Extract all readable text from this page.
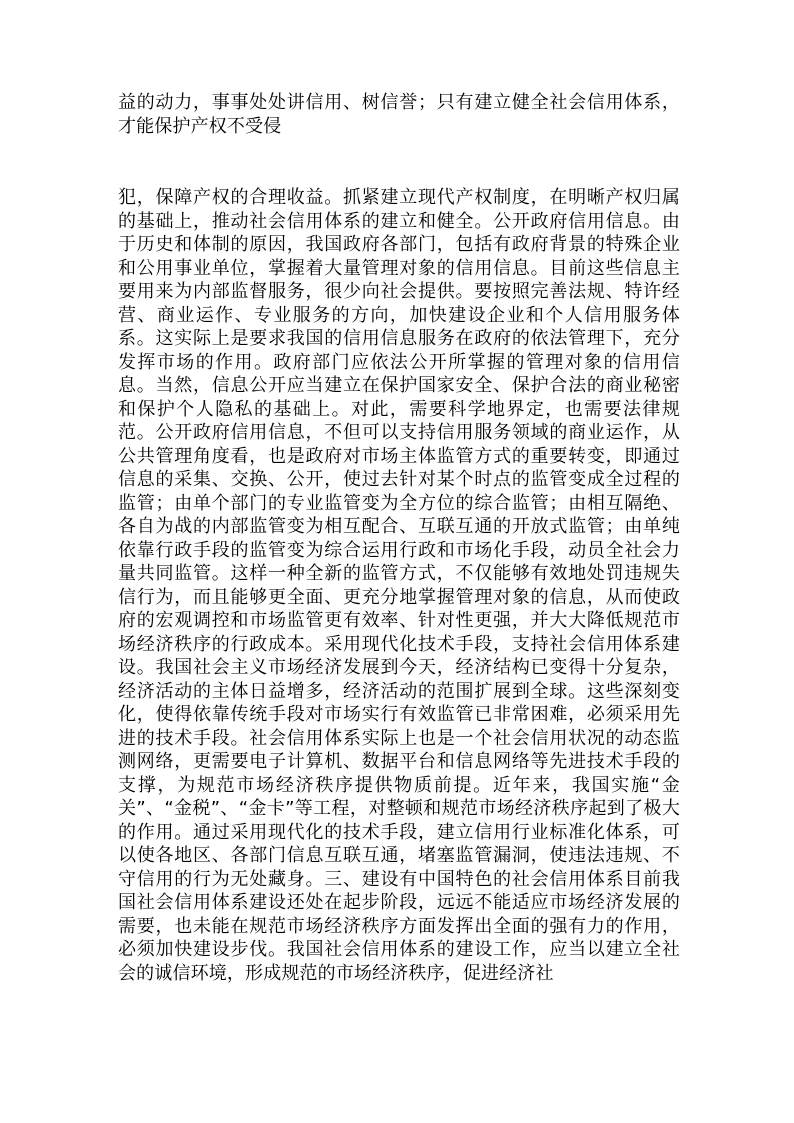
益的动力，事事处处讲信用、树信誉；只有建立健全社会信用体系，才能保护产权不受侵

犯，保障产权的合理收益。抓紧建立现代产权制度，在明晰产权归属的基础上，推动社会信用体系的建立和健全。公开政府信用信息。由于历史和体制的原因，我国政府各部门，包括有政府背景的特殊企业和公用事业单位，掌握着大量管理对象的信用信息。目前这些信息主要用来为内部监督服务，很少向社会提供。要按照完善法规、特许经营、商业运作、专业服务的方向，加快建设企业和个人信用服务体系。这实际上是要求我国的信用信息服务在政府的依法管理下，充分发挥市场的作用。政府部门应依法公开所掌握的管理对象的信用信息。当然，信息公开应当建立在保护国家安全、保护合法的商业秘密和保护个人隐私的基础上。对此，需要科学地界定，也需要法律规范。公开政府信用信息，不但可以支持信用服务领域的商业运作，从公共管理角度看，也是政府对市场主体监管方式的重要转变，即通过信息的采集、交换、公开，使过去针对某个时点的监管变成全过程的监管；由单个部门的专业监管变为全方位的综合监管；由相互隔绝、各自为战的内部监管变为相互配合、互联互通的开放式监管；由单纯依靠行政手段的监管变为综合运用行政和市场化手段，动员全社会力量共同监管。这样一种全新的监管方式，不仅能够有效地处罚违规失信行为，而且能够更全面、更充分地掌握管理对象的信息，从而使政府的宏观调控和市场监管更有效率、针对性更强，并大大降低规范市场经济秩序的行政成本。采用现代化技术手段，支持社会信用体系建设。我国社会主义市场经济发展到今天，经济结构已变得十分复杂，经济活动的主体日益增多，经济活动的范围扩展到全球。这些深刻变化，使得依靠传统手段对市场实行有效监管已非常困难，必须采用先进的技术手段。社会信用体系实际上也是一个社会信用状况的动态监测网络，更需要电子计算机、数据平台和信息网络等先进技术手段的支撑，为规范市场经济秩序提供物质前提。近年来，我国实施“金关”、“金税”、“金卡”等工程，对整顿和规范市场经济秩序起到了极大的作用。通过采用现代化的技术手段，建立信用行业标准化体系，可以使各地区、各部门信息互联互通，堵塞监管漏洞，使违法违规、不守信用的行为无处藏身。三、建设有中国特色的社会信用体系目前我国社会信用体系建设还处在起步阶段，远远不能适应市场经济发展的需要，也未能在规范市场经济秩序方面发挥出全面的强有力的作用，必须加快建设步伐。我国社会信用体系的建设工作，应当以建立全社会的诚信环境，形成规范的市场经济秩序，促进经济社
